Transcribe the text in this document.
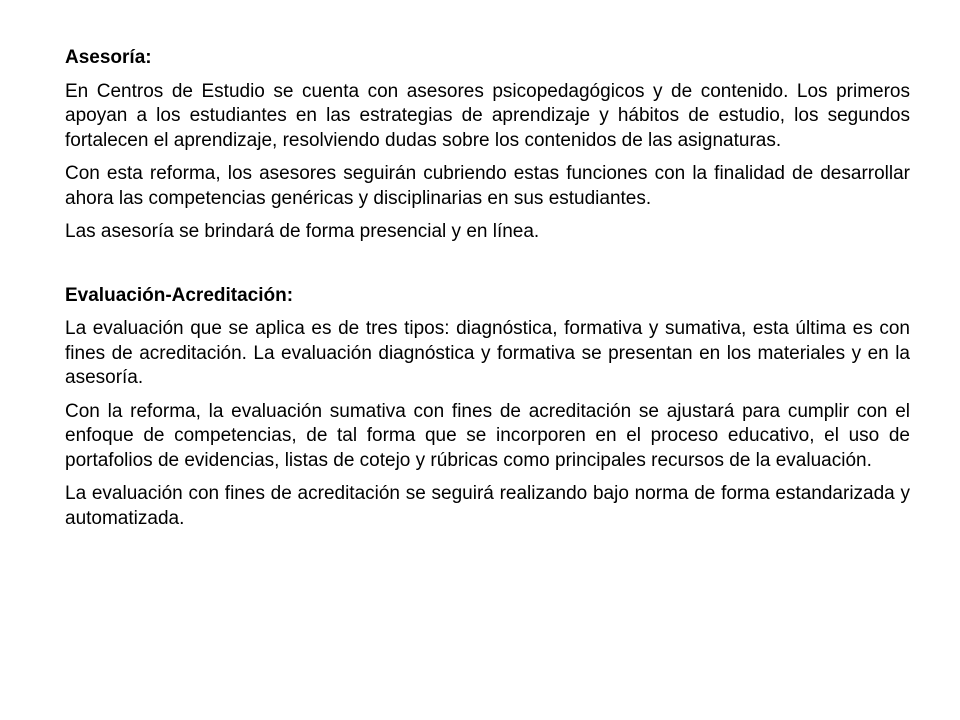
Asesoría:
En Centros de Estudio se cuenta con asesores psicopedagógicos y de contenido. Los primeros apoyan a los estudiantes en las estrategias de aprendizaje y hábitos de estudio, los segundos fortalecen el aprendizaje, resolviendo dudas sobre los contenidos de las asignaturas.
Con esta reforma, los asesores seguirán cubriendo estas funciones con la finalidad de desarrollar ahora las competencias genéricas y disciplinarias en sus estudiantes.
Las asesoría se brindará de forma presencial y en línea.
Evaluación-Acreditación:
La evaluación que se aplica es de tres tipos: diagnóstica, formativa y sumativa, esta última es con fines de acreditación. La evaluación diagnóstica y formativa se presentan en los materiales y en la asesoría.
Con la reforma, la evaluación sumativa con fines de acreditación se ajustará para cumplir con el enfoque de competencias, de tal forma que se incorporen en el proceso educativo, el uso de portafolios de evidencias, listas de cotejo y rúbricas como principales recursos de la evaluación.
La evaluación con fines de acreditación se seguirá realizando bajo norma de forma estandarizada y automatizada.
